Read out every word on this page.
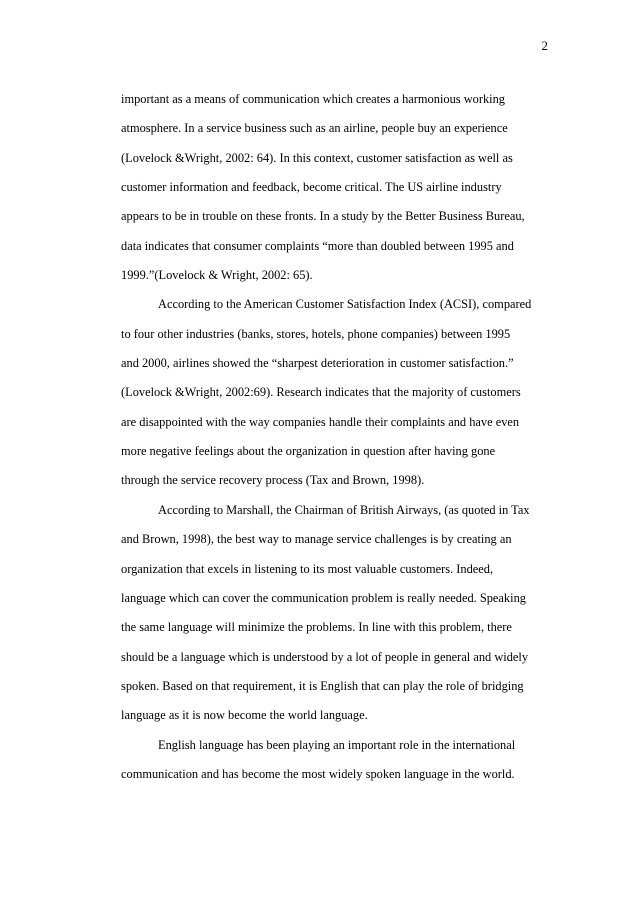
2
important as a means of communication which creates a harmonious working
atmosphere. In a service business such as an airline, people buy an experience
(Lovelock &Wright, 2002: 64). In this context, customer satisfaction as well as
customer information and feedback, become critical. The US airline industry
appears to be in trouble on these fronts. In a study by the Better Business Bureau,
data indicates that consumer complaints “more than doubled between 1995 and
1999.”(Lovelock & Wright, 2002: 65).
According to the American Customer Satisfaction Index (ACSI), compared
to four other industries (banks, stores, hotels, phone companies) between 1995
and 2000, airlines showed the “sharpest deterioration in customer satisfaction.”
(Lovelock &Wright, 2002:69). Research indicates that the majority of customers
are disappointed with the way companies handle their complaints and have even
more negative feelings about the organization in question after having gone
through the service recovery process (Tax and Brown, 1998).
According to Marshall, the Chairman of British Airways, (as quoted in Tax
and Brown, 1998), the best way to manage service challenges is by creating an
organization that excels in listening to its most valuable customers. Indeed,
language which can cover the communication problem is really needed. Speaking
the same language will minimize the problems. In line with this problem, there
should be a language which is understood by a lot of people in general and widely
spoken. Based on that requirement, it is English that can play the role of bridging
language as it is now become the world language.
English language has been playing an important role in the international
communication and has become the most widely spoken language in the world.
